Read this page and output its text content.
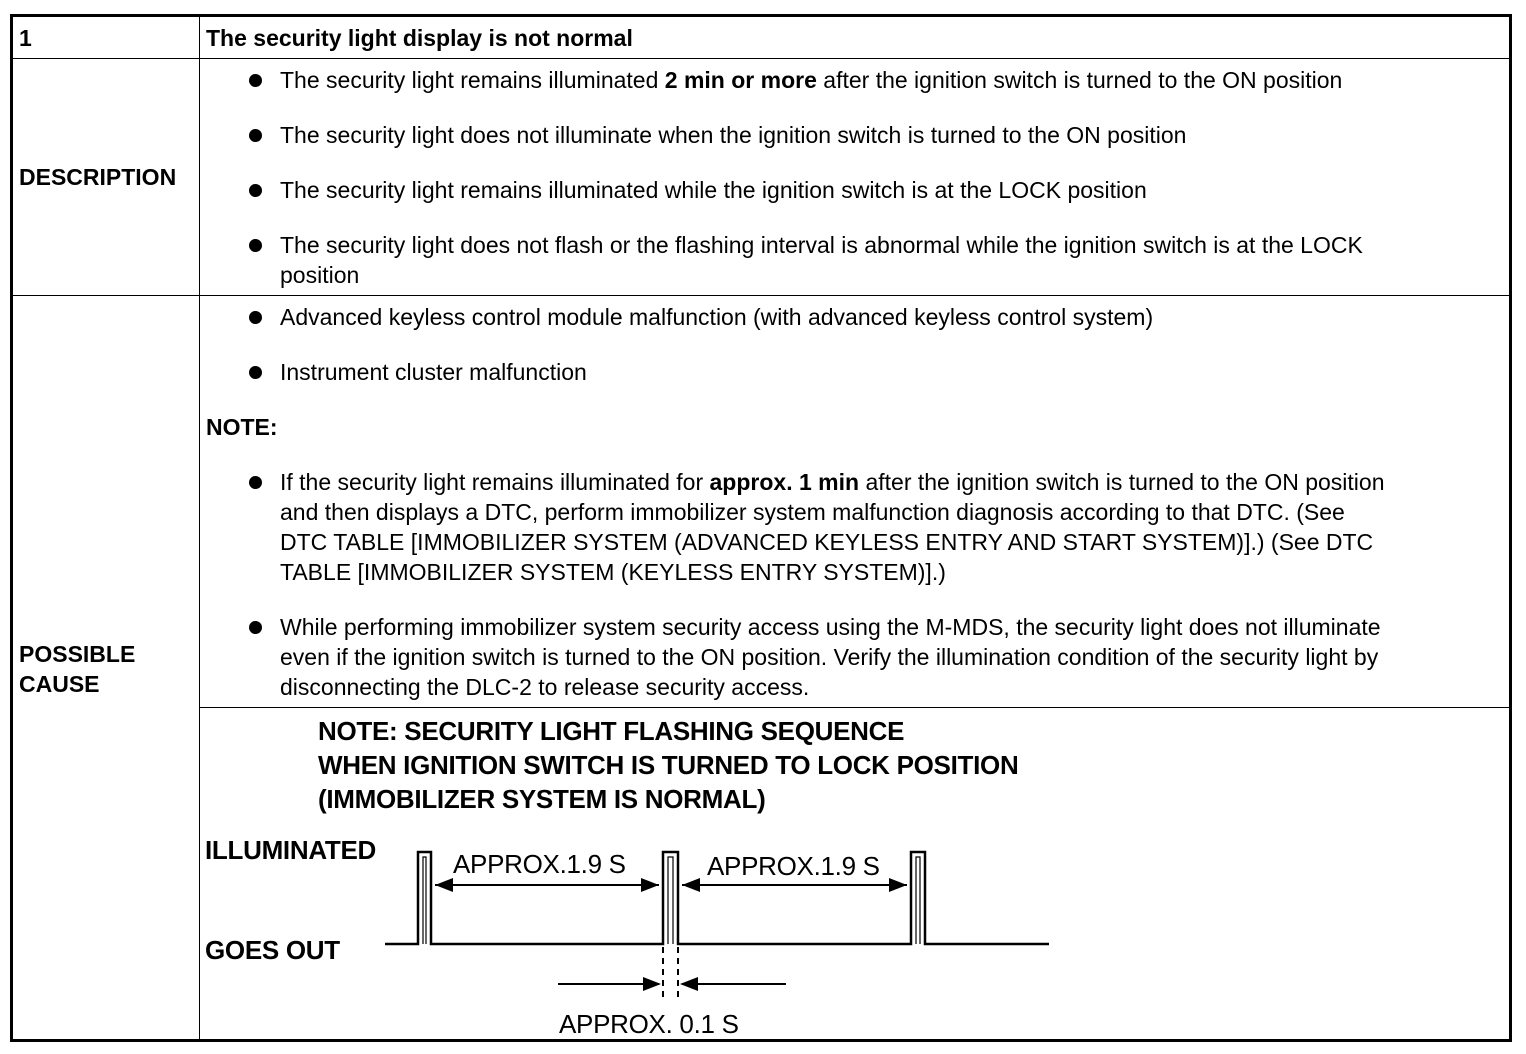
1	The security light display is not normal
DESCRIPTION
The security light remains illuminated 2 min or more after the ignition switch is turned to the ON position
The security light does not illuminate when the ignition switch is turned to the ON position
The security light remains illuminated while the ignition switch is at the LOCK position
The security light does not flash or the flashing interval is abnormal while the ignition switch is at the LOCK
position
POSSIBLE
CAUSE
Advanced keyless control module malfunction (with advanced keyless control system)
Instrument cluster malfunction
NOTE:
If the security light remains illuminated for approx. 1 min after the ignition switch is turned to the ON position
and then displays a DTC, perform immobilizer system malfunction diagnosis according to that DTC. (See
DTC TABLE [IMMOBILIZER SYSTEM (ADVANCED KEYLESS ENTRY AND START SYSTEM)].) (See DTC
TABLE [IMMOBILIZER SYSTEM (KEYLESS ENTRY SYSTEM)].)
While performing immobilizer system security access using the M-MDS, the security light does not illuminate
even if the ignition switch is turned to the ON position. Verify the illumination condition of the security light by
disconnecting the DLC-2 to release security access.
NOTE: SECURITY LIGHT FLASHING SEQUENCE
WHEN IGNITION SWITCH IS TURNED TO LOCK POSITION
(IMMOBILIZER SYSTEM IS NORMAL)
ILLUMINATED
GOES OUT
APPROX.1.9 S	APPROX.1.9 S
APPROX. 0.1 S
